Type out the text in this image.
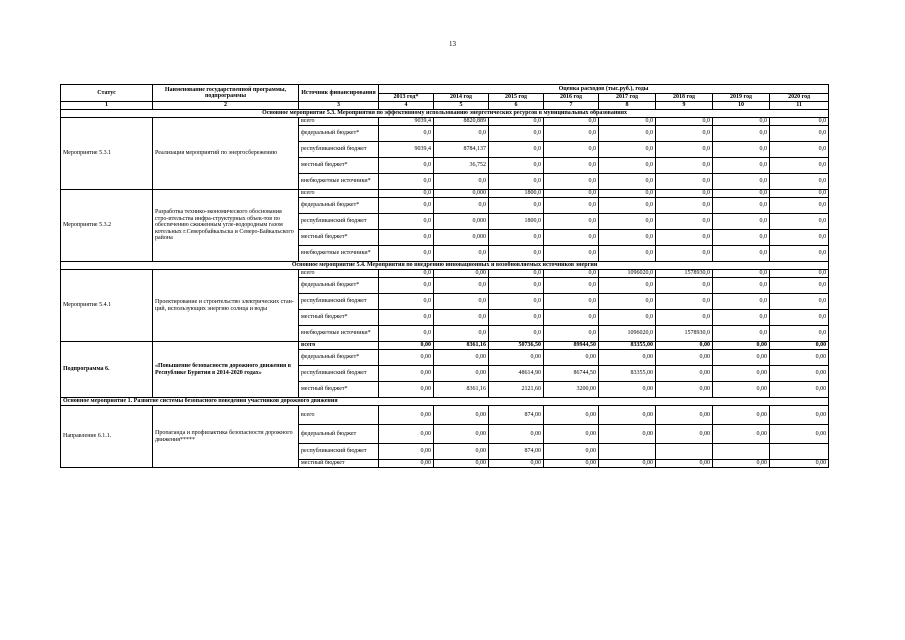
13
Статус	Наименование государственной программы, подпрограммы	Источник финансирования	Оценка расходов (тыс.руб.), годы							
			2013 год*	2014 год	2015 год	2016 год	2017 год	2018 год	2019 год	2020 год
1	2	3	4	5	6	7	8	9	10	11
Основное мероприятие 5.3. Мероприятия по эффективному использованию энергетических ресурсов в муниципальных образованиях										
Мероприятие 5.3.1	Реализация мероприятий по энергосбережению	всего	9039,4	8820,889	0,0	0,0	0,0	0,0	0,0	0,0
		федеральный бюджет*	0,0	0,0	0,0	0,0	0,0	0,0	0,0	0,0
		республиканский бюджет	9039,4	8784,137	0,0	0,0	0,0	0,0	0,0	0,0
		местный бюджет*	0,0	36,752	0,0	0,0	0,0	0,0	0,0	0,0
		внебюджетные источники*	0,0	0,0	0,0	0,0	0,0	0,0	0,0	0,0
Мероприятие 5.3.2	Разработка технико-экономического обоснования стро-ительства инфра-структурных объек-тов по обеспечению сжиженным угле-водородным газом котельных г.Северобайкальска и Северо-Байкальского района	всего	0,0	0,000	1800,0	0,0	0,0	0,0	0,0	0,0
		федеральный бюджет*	0,0	0,0	0,0	0,0	0,0	0,0	0,0	0,0
		республиканский бюджет	0,0	0,000	1800,0	0,0	0,0	0,0	0,0	0,0
		местный бюджет*	0,0	0,000	0,0	0,0	0,0	0,0	0,0	0,0
		внебюджетные источники*	0,0	0,0	0,0	0,0	0,0	0,0	0,0	0,0
Основное мероприятие 5.4. Мероприятия по внедрению инновационных и возобновляемых источников энергии										
Мероприятие 5.4.1	Проектирование и строительство электрических стан-ций, использующих энергию солнца и воды	всего	0,0	0,00	0,0	0,0	1096020,0	1578930,0	0,0	0,0
		федеральный бюджет*	0,0	0,0	0,0	0,0	0,0	0,0	0,0	0,0
		республиканский бюджет	0,0	0,0	0,0	0,0	0,0	0,0	0,0	0,0
		местный бюджет*	0,0	0,0	0,0	0,0	0,0	0,0	0,0	0,0
		внебюджетные источники*	0,0	0,0	0,0	0,0	1096020,0	1578930,0	0,0	0,0
Подпрограмма 6.	«Повышение безопасности дорожного движения в Республике Бурятия в 2014-2020 годах»	всего	0,00	8361,16	50736,50	89944,50	83355,00	0,00	0,00	0,00
		федеральный бюджет*	0,00	0,00	0,00	0,00	0,00	0,00	0,00	0,00
		республиканский бюджет	0,00	0,00	48614,90	86744,50	83355,00	0,00	0,00	0,00
		местный бюджет*	0,00	8361,16	2121,60	3200,00	0,00	0,00	0,00	0,00
Основное мероприятие 1. Развитие системы безопасного поведения участников дорожного движения										
Направление 6.1.1.	Пропаганда и профилактика безопасности дорожного движения*****	всего	0,00	0,00	874,00	0,00	0,00	0,00	0,00	0,00
		федеральный бюджет	0,00	0,00	0,00	0,00	0,00	0,00	0,00	0,00
		республиканский бюджет	0,00	0,00	874,00	0,00				
		местный бюджет	0,00	0,00	0,00	0,00	0,00	0,00	0,00	0,00
